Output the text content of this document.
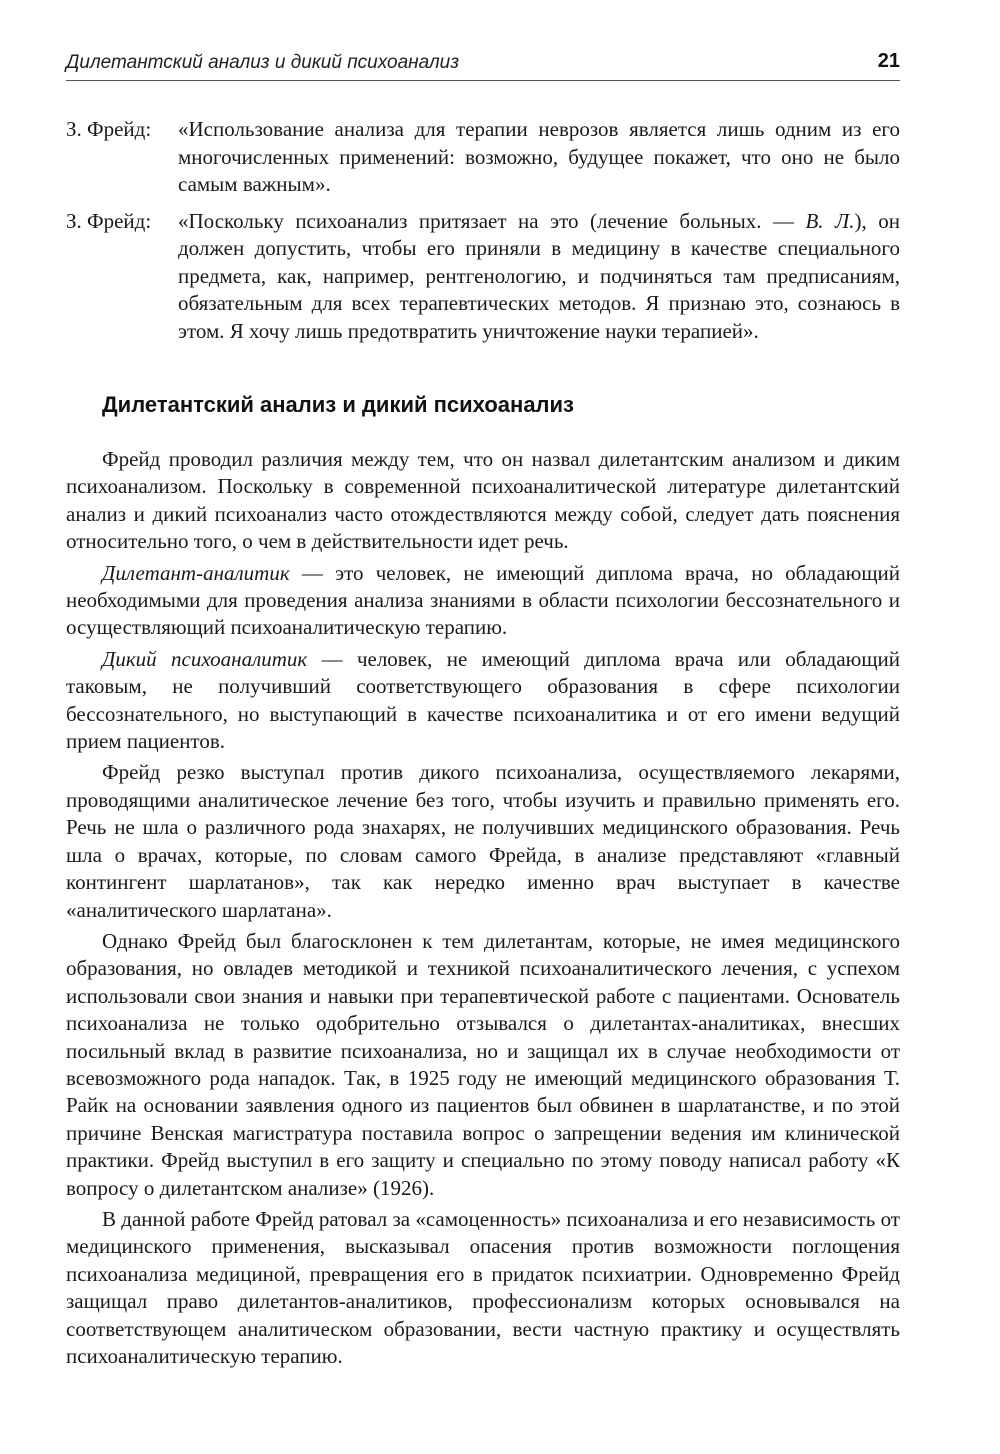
Дилетантский анализ и дикий психоанализ	21
З. Фрейд:	«Использование анализа для терапии неврозов является лишь одним из его многочисленных применений: возможно, будущее покажет, что оно не было самым важным».
З. Фрейд:	«Поскольку психоанализ притязает на это (лечение больных. — В. Л.), он должен допустить, чтобы его приняли в медицину в качестве специального предмета, как, например, рентгенологию, и подчиняться там предписаниям, обязательным для всех терапевтических методов. Я признаю это, сознаюсь в этом. Я хочу лишь предотвратить уничтожение науки терапией».
Дилетантский анализ и дикий психоанализ

Фрейд проводил различия между тем, что он назвал дилетантским анализом и диким психоанализом. Поскольку в современной психоаналитической литературе дилетантский анализ и дикий психоанализ часто отождествляются между собой, следует дать пояснения относительно того, о чем в действительности идет речь.

Дилетант-аналитик — это человек, не имеющий диплома врача, но обладающий необходимыми для проведения анализа знаниями в области психологии бессознательного и осуществляющий психоаналитическую терапию.

Дикий психоаналитик — человек, не имеющий диплома врача или обладающий таковым, не получивший соответствующего образования в сфере психологии бессознательного, но выступающий в качестве психоаналитика и от его имени ведущий прием пациентов.

Фрейд резко выступал против дикого психоанализа, осуществляемого лекарями, проводящими аналитическое лечение без того, чтобы изучить и правильно применять его. Речь не шла о различного рода знахарях, не получивших медицинского образования. Речь шла о врачах, которые, по словам самого Фрейда, в анализе представляют «главный контингент шарлатанов», так как нередко именно врач выступает в качестве «аналитического шарлатана».

Однако Фрейд был благосклонен к тем дилетантам, которые, не имея медицинского образования, но овладев методикой и техникой психоаналитического лечения, с успехом использовали свои знания и навыки при терапевтической работе с пациентами. Основатель психоанализа не только одобрительно отзывался о дилетантах-аналитиках, внесших посильный вклад в развитие психоанализа, но и защищал их в случае необходимости от всевозможного рода нападок. Так, в 1925 году не имеющий медицинского образования Т. Райк на основании заявления одного из пациентов был обвинен в шарлатанстве, и по этой причине Венская магистратура поставила вопрос о запрещении ведения им клинической практики. Фрейд выступил в его защиту и специально по этому поводу написал работу «К вопросу о дилетантском анализе» (1926).

В данной работе Фрейд ратовал за «самоценность» психоанализа и его независимость от медицинского применения, высказывал опасения против возможности поглощения психоанализа медициной, превращения его в придаток психиатрии. Одновременно Фрейд защищал право дилетантов-аналитиков, профессионализм которых основывался на соответствующем аналитическом образовании, вести частную практику и осуществлять психоаналитическую терапию.
